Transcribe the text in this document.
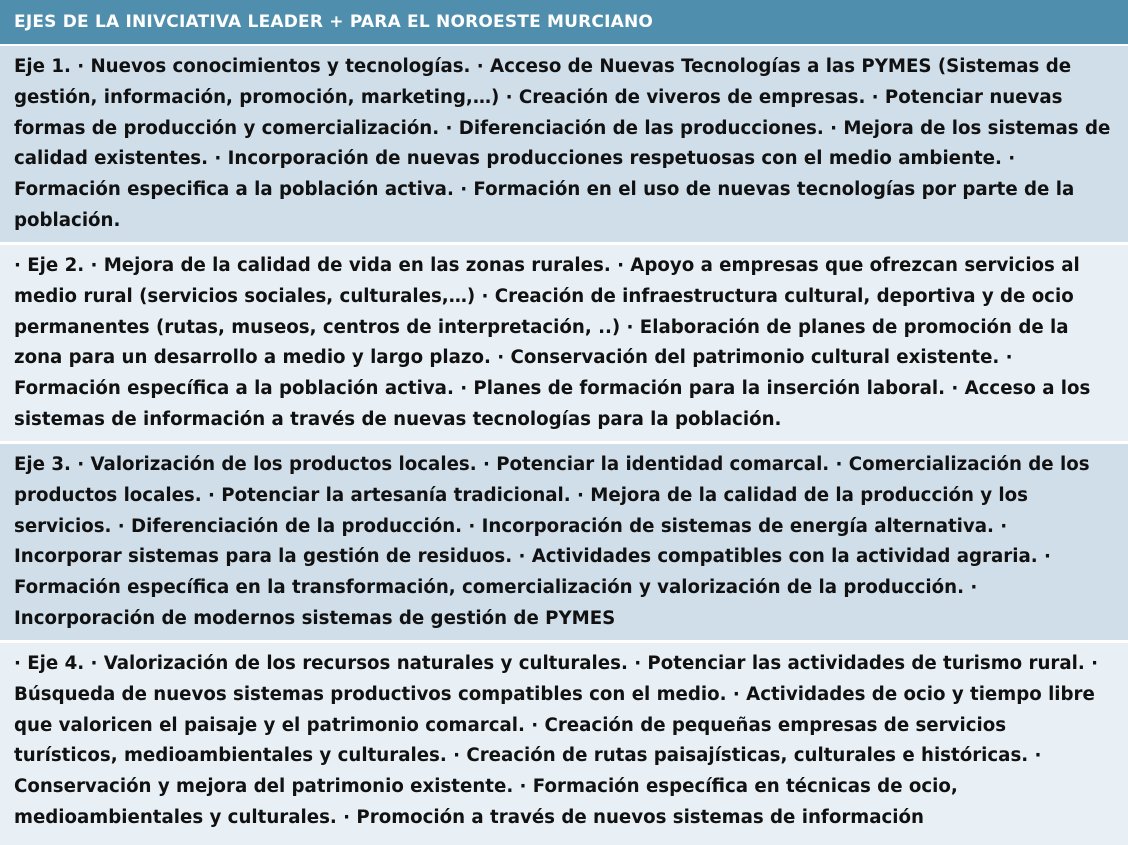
EJES DE LA INIVCIATIVA LEADER + PARA EL NOROESTE MURCIANO
Eje 1. · Nuevos conocimientos y tecnologías. · Acceso de Nuevas Tecnologías a las PYMES (Sistemas de gestión, información, promoción, marketing,…) · Creación de viveros de empresas. · Potenciar nuevas formas de producción y comercialización. · Diferenciación de las producciones. · Mejora de los sistemas de calidad existentes. · Incorporación de nuevas producciones respetuosas con el medio ambiente. · Formación especifica a la población activa. · Formación en el uso de nuevas tecnologías por parte de la población.
· Eje 2. · Mejora de la calidad de vida en las zonas rurales. · Apoyo a empresas que ofrezcan servicios al medio rural (servicios sociales, culturales,…) · Creación de infraestructura cultural, deportiva y de ocio permanentes (rutas, museos, centros de interpretación, ..) · Elaboración de planes de promoción de la zona para un desarrollo a medio y largo plazo. · Conservación del patrimonio cultural existente. · Formación específica a la población activa. · Planes de formación para la inserción laboral. · Acceso a los sistemas de información a través de nuevas tecnologías para la población.
Eje 3. · Valorización de los productos locales. · Potenciar la identidad comarcal. · Comercialización de los productos locales. · Potenciar la artesanía tradicional. · Mejora de la calidad de la producción y los servicios. · Diferenciación de la producción. · Incorporación de sistemas de energía alternativa. · Incorporar sistemas para la gestión de residuos. · Actividades compatibles con la actividad agraria. · Formación específica en la transformación, comercialización y valorización de la producción. · Incorporación de modernos sistemas de gestión de PYMES
· Eje 4. · Valorización de los recursos naturales y culturales. · Potenciar las actividades de turismo rural. · Búsqueda de nuevos sistemas productivos compatibles con el medio. · Actividades de ocio y tiempo libre que valoricen el paisaje y el patrimonio comarcal. · Creación de pequeñas empresas de servicios turísticos, medioambientales y culturales. · Creación de rutas paisajísticas, culturales e históricas. · Conservación y mejora del patrimonio existente. · Formación específica en técnicas de ocio, medioambientales y culturales. · Promoción a través de nuevos sistemas de información
